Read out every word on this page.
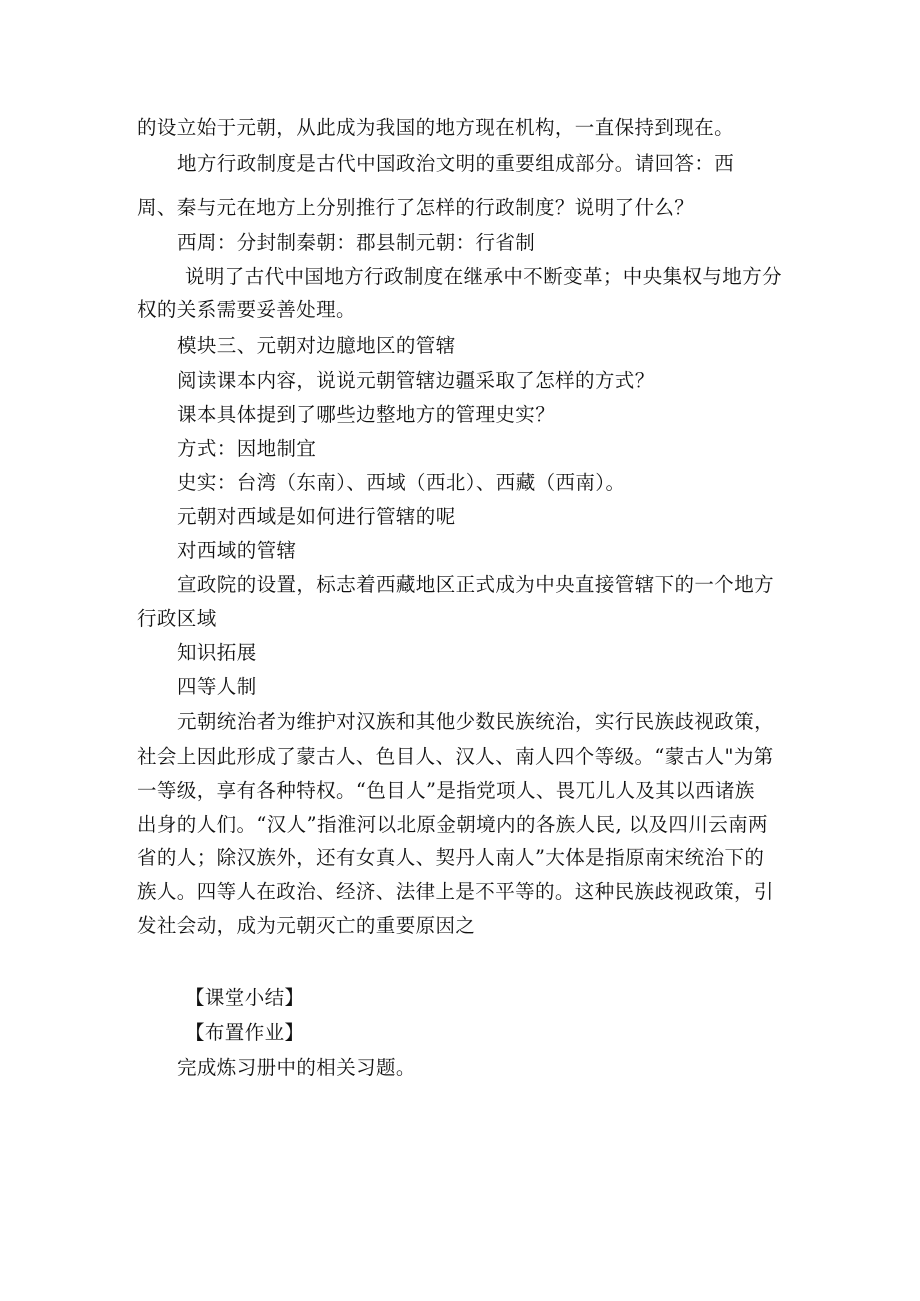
的设立始于元朝，从此成为我国的地方现在机构，一直保持到现在。
地方行政制度是古代中国政治文明的重要组成部分。请回答：西
周、秦与元在地方上分别推行了怎样的行政制度？说明了什么？
西周：分封制秦朝：郡县制元朝：行省制
说明了古代中国地方行政制度在继承中不断变革；中央集权与地方分
权的关系需要妥善处理。
模块三、元朝对边臆地区的管辖
阅读课本内容，说说元朝管辖边疆采取了怎样的方式？
课本具体提到了哪些边整地方的管理史实？
方式：因地制宜
史实：台湾（东南）、西域（西北）、西藏（西南）。
元朝对西域是如何进行管辖的呢
对西域的管辖
宣政院的设置，标志着西藏地区正式成为中央直接管辖下的一个地方
行政区域
知识拓展
四等人制
元朝统治者为维护对汉族和其他少数民族统治，实行民族歧视政策，
社会上因此形成了蒙古人、色目人、汉人、南人四个等级。“蒙古人"为第
一等级，享有各种特权。“色目人”是指党项人、畏兀儿人及其以西诸族
出身的人们。“汉人”指淮河以北原金朝境内的各族人民, 以及四川云南两
省的人；除汉族外，还有女真人、契丹人南人”大体是指原南宋统治下的
族人。四等人在政治、经济、法律上是不平等的。这种民族歧视政策，引
发社会动，成为元朝灭亡的重要原因之
【课堂小结】
【布置作业】
完成炼习册中的相关习题。
